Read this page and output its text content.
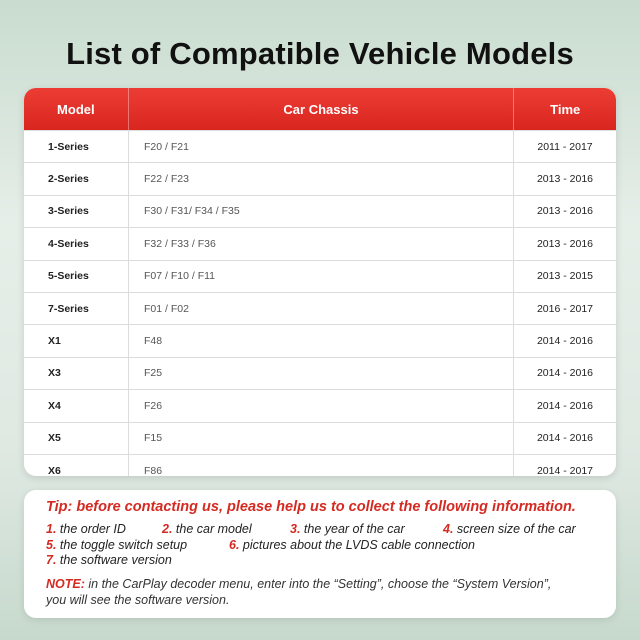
List of Compatible Vehicle Models
Model	Car Chassis	Time
1-Series	F20 / F21	2011 - 2017
2-Series	F22 / F23	2013 - 2016
3-Series	F30 / F31/ F34 / F35	2013 - 2016
4-Series	F32 / F33 / F36	2013 - 2016
5-Series	F07 / F10 / F11	2013 - 2015
7-Series	F01 / F02	2016 - 2017
X1	F48	2014 - 2016
X3	F25	2014 - 2016
X4	F26	2014 - 2016
X5	F15	2014 - 2016
X6	F86	2014 - 2017
Tip: before contacting us, please help us to collect the following information.
1. the order ID	2. the car model	3. the year of the car	4. screen size of the car
5. the toggle switch setup	6. pictures about the LVDS cable connection
7. the software version
NOTE: in the CarPlay decoder menu, enter into the “Setting”, choose the “System Version”,
you will see the software version.
